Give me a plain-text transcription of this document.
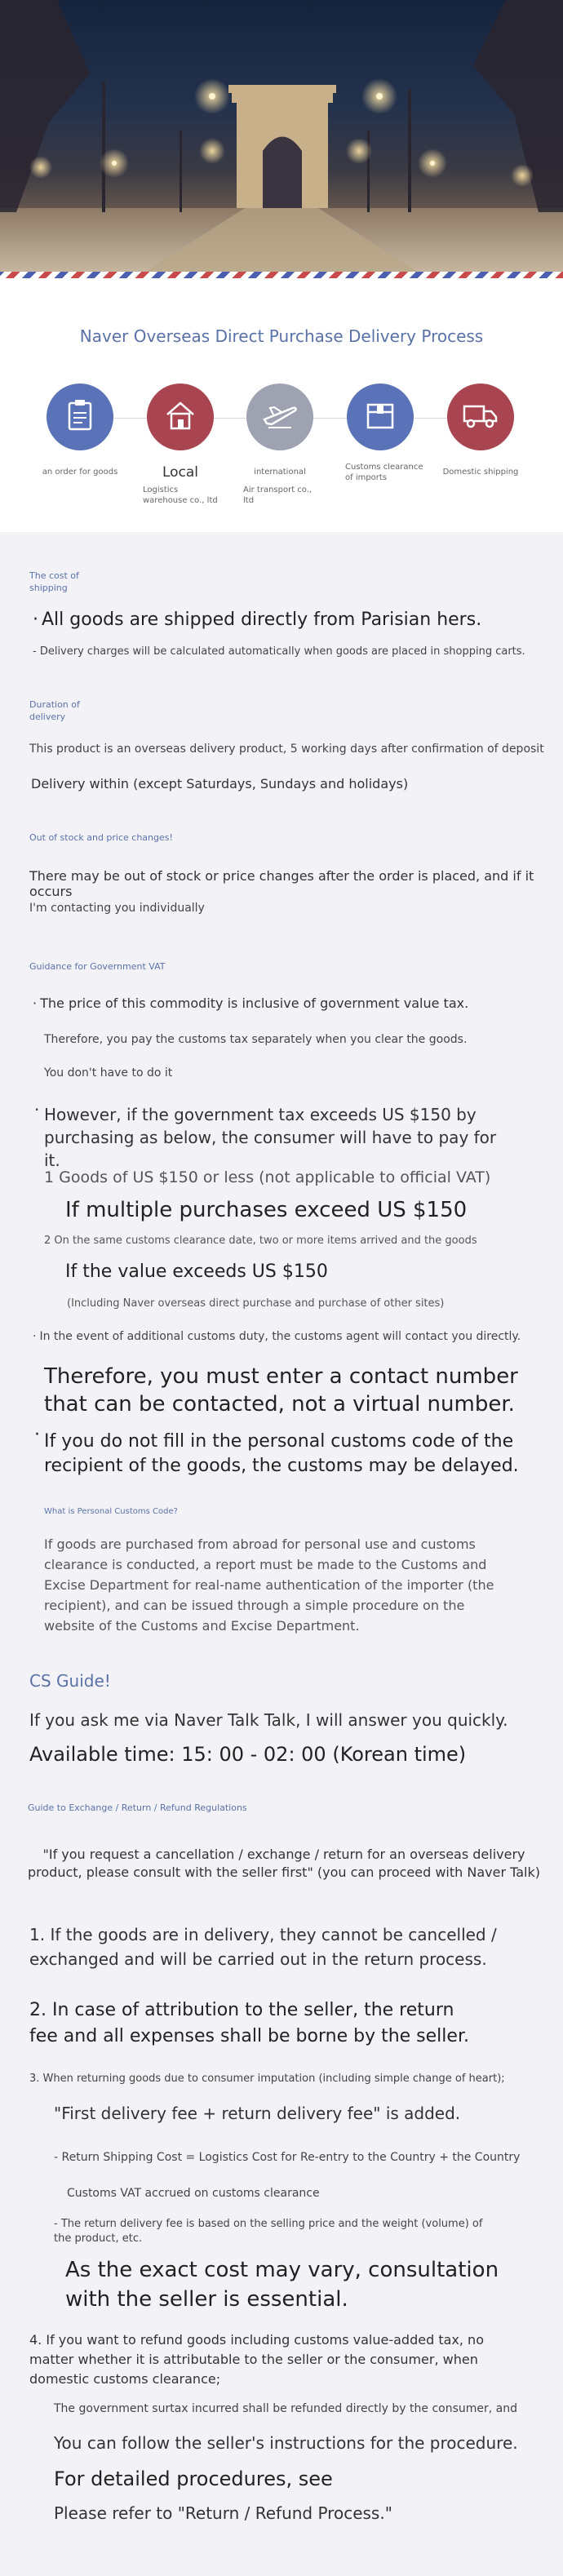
Naver Overseas Direct Purchase Delivery Process
an order for goods	Local
Logistics warehouse co., ltd
international
Air transport co., ltd
Customs clearance of imports
Domestic shipping
The cost of shipping
· All goods are shipped directly from Parisian hers.
- Delivery charges will be calculated automatically when goods are placed in shopping carts.
Duration of delivery
This product is an overseas delivery product, 5 working days after confirmation of deposit
Delivery within (except Saturdays, Sundays and holidays)
Out of stock and price changes!
There may be out of stock or price changes after the order is placed, and if it occurs
I'm contacting you individually
Guidance for Government VAT
· The price of this commodity is inclusive of government value tax.
Therefore, you pay the customs tax separately when you clear the goods.
You don't have to do it
· However, if the government tax exceeds US $150 by purchasing as below, the consumer will have to pay for it.
1 Goods of US $150 or less (not applicable to official VAT)
If multiple purchases exceed US $150
2 On the same customs clearance date, two or more items arrived and the goods
If the value exceeds US $150
(Including Naver overseas direct purchase and purchase of other sites)
· In the event of additional customs duty, the customs agent will contact you directly.
Therefore, you must enter a contact number that can be contacted, not a virtual number.
· If you do not fill in the personal customs code of the recipient of the goods, the customs may be delayed.
What is Personal Customs Code?
If goods are purchased from abroad for personal use and customs clearance is conducted, a report must be made to the Customs and Excise Department for real-name authentication of the importer (the recipient), and can be issued through a simple procedure on the website of the Customs and Excise Department.
CS Guide!
If you ask me via Naver Talk Talk, I will answer you quickly.
Available time: 15: 00 - 02: 00 (Korean time)
Guide to Exchange / Return / Refund Regulations
"If you request a cancellation / exchange / return for an overseas delivery product, please consult with the seller first" (you can proceed with Naver Talk)
1. If the goods are in delivery, they cannot be cancelled / exchanged and will be carried out in the return process.
2. In case of attribution to the seller, the return fee and all expenses shall be borne by the seller.
3. When returning goods due to consumer imputation (including simple change of heart);
"First delivery fee + return delivery fee" is added.
- Return Shipping Cost = Logistics Cost for Re-entry to the Country + the Country
Customs VAT accrued on customs clearance
- The return delivery fee is based on the selling price and the weight (volume) of the product, etc.
As the exact cost may vary, consultation with the seller is essential.
4. If you want to refund goods including customs value-added tax, no matter whether it is attributable to the seller or the consumer, when domestic customs clearance;
The government surtax incurred shall be refunded directly by the consumer, and
You can follow the seller's instructions for the procedure.
For detailed procedures, see
Please refer to "Return / Refund Process."
